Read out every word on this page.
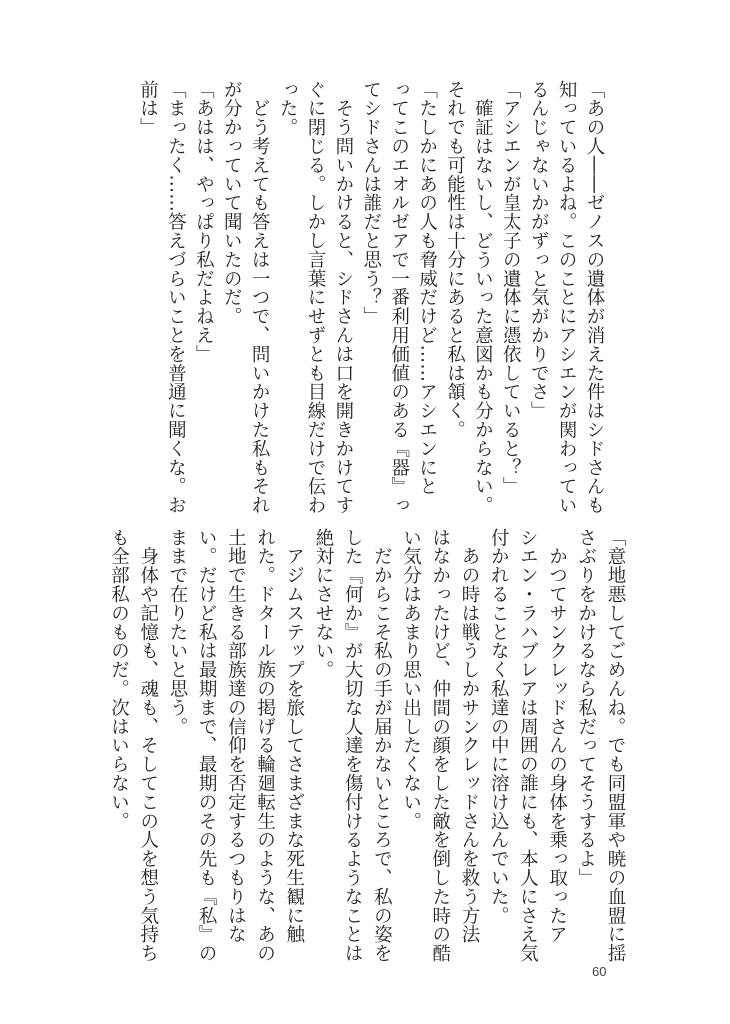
「あの人――ゼノスの遺体が消えた件はシドさんも
知っているよね。このことにアシエンが関わってい
るんじゃないかがずっと気がかりでさ」
「アシエンが皇太子の遺体に憑依していると？」
　確証はないし、どういった意図かも分からない。
それでも可能性は十分にあると私は頷く。
「たしかにあの人も脅威だけど……アシエンにと
ってこのエオルゼアで一番利用価値のある『器』っ
てシドさんは誰だと思う？」
　そう問いかけると、シドさんは口を開きかけてす
ぐに閉じる。しかし言葉にせずとも目線だけで伝わ
った。
　どう考えても答えは一つで、問いかけた私もそれ
が分かっていて聞いたのだ。
「あはは、やっぱり私だよねえ」
「まったく……答えづらいことを普通に聞くな。お
前は」
「意地悪してごめんね。でも同盟軍や暁の血盟に揺
さぶりをかけるなら私だってそうするよ」
　かつてサンクレッドさんの身体を乗っ取ったア
シエン・ラハブレアは周囲の誰にも、本人にさえ気
付かれることなく私達の中に溶け込んでいた。
　あの時は戦うしかサンクレッドさんを救う方法
はなかったけど、仲間の顔をした敵を倒した時の酷
い気分はあまり思い出したくない。
　だからこそ私の手が届かないところで、私の姿を
した『何か』が大切な人達を傷付けるようなことは
絶対にさせない。
　アジムステップを旅してさまざまな死生観に触
れた。ドタール族の掲げる輪廻転生のような、あの
土地で生きる部族達の信仰を否定するつもりはな
い。だけど私は最期まで、最期のその先も『私』の
ままで在りたいと思う。
　身体や記憶も、魂も、そしてこの人を想う気持ち
も全部私のものだ。次はいらない。
60
